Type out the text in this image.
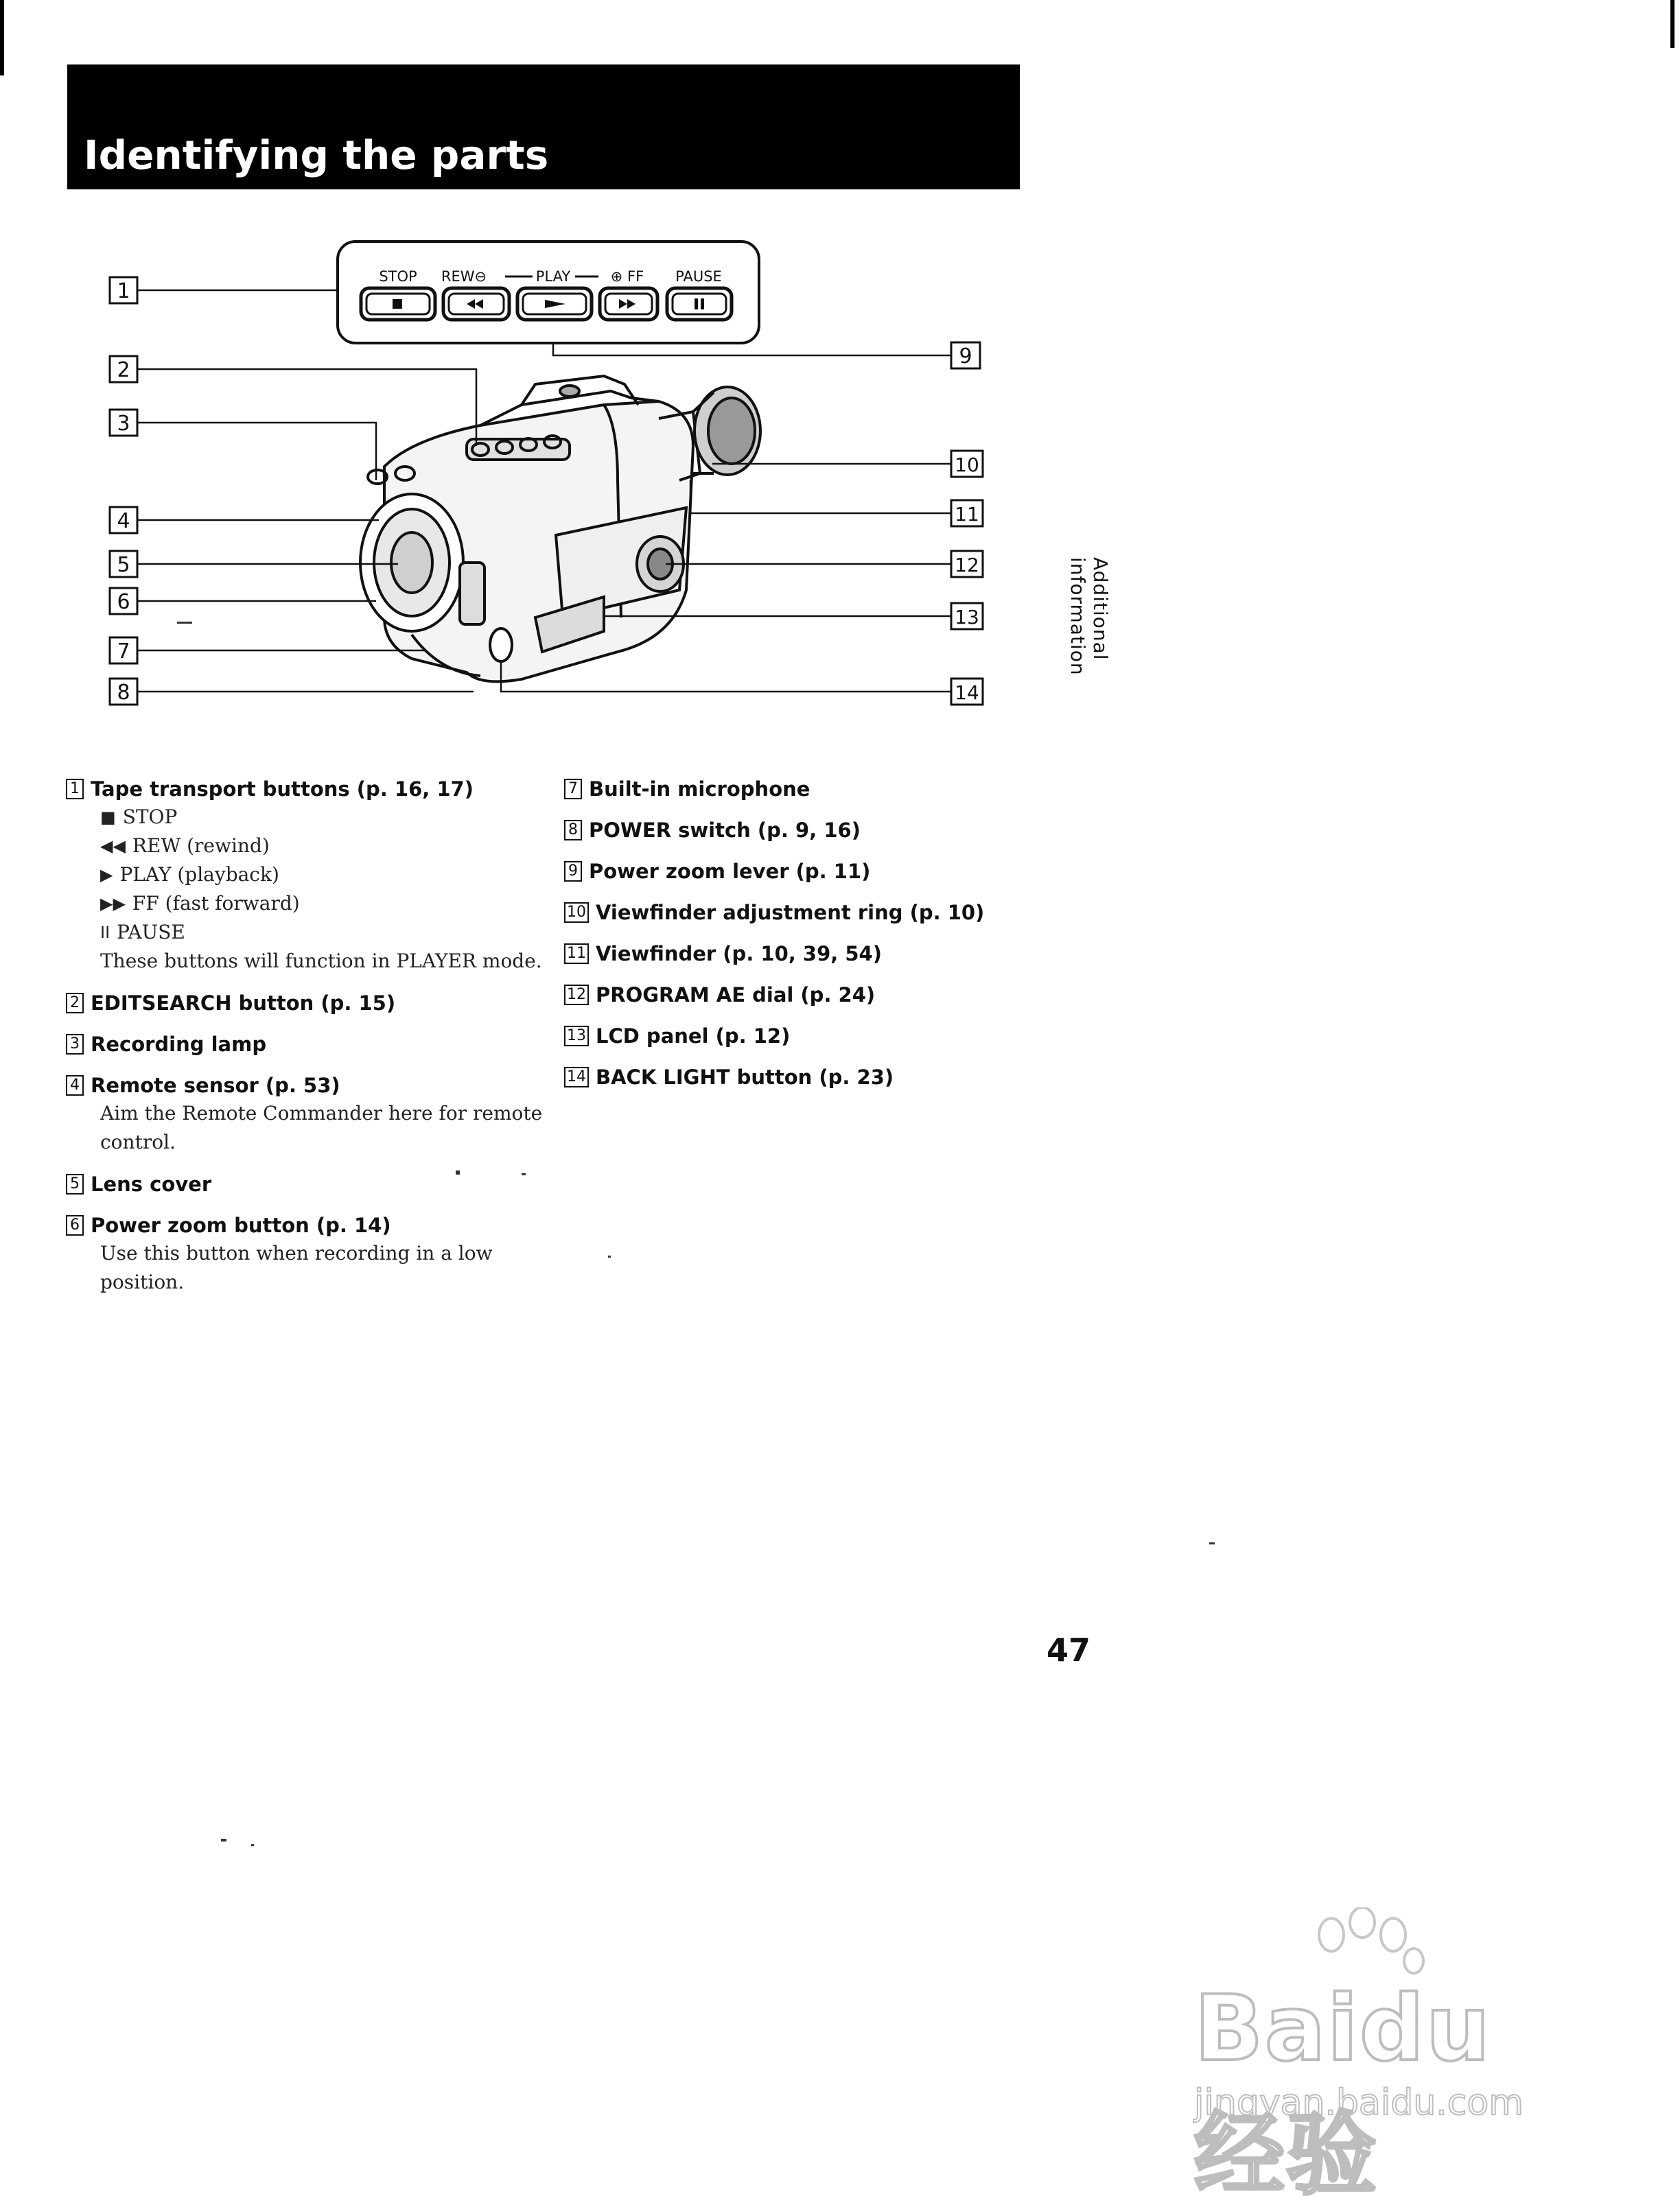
Identifying the parts
STOP REW⊖	PLAY	⊕ FF PAUSE
1
2
3
4
5
6
7
8
9
10
11
12
13
14
Additional information
1 Tape transport buttons (p. 16, 17)
■ STOP
◀◀ REW (rewind)
▶ PLAY (playback)
▶▶ FF (fast forward)
II PAUSE
These buttons will function in PLAYER mode.
2 EDITSEARCH button (p. 15)
3 Recording lamp
4 Remote sensor (p. 53)
Aim the Remote Commander here for remote control.
5 Lens cover
6 Power zoom button (p. 14)
Use this button when recording in a low position.
7 Built-in microphone
8 POWER switch (p. 9, 16)
9 Power zoom lever (p. 11)
10 Viewfinder adjustment ring (p. 10)
11 Viewfinder (p. 10, 39, 54)
12 PROGRAM AE dial (p. 24)
13 LCD panel (p. 12)
14 BACK LIGHT button (p. 23)
47
Baidu经验
jingyan.baidu.com
